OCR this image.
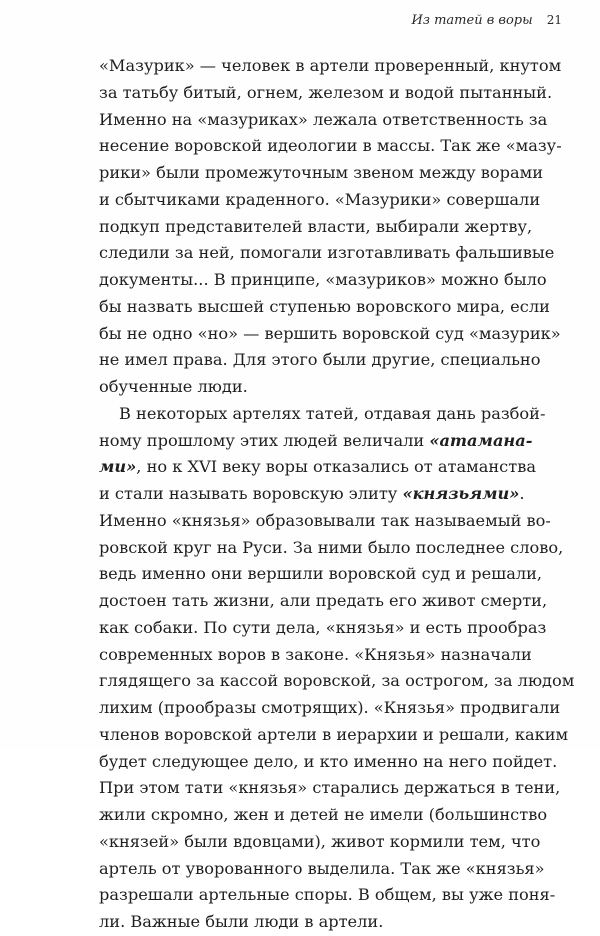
Из татей в воры 21
«Мазурик» — человек в артели проверенный, кнутом
за татьбу битый, огнем, железом и водой пытанный.
Именно на «мазуриках» лежала ответственность за
несение воровской идеологии в массы. Так же «мазу-
рики» были промежуточным звеном между ворами
и сбытчиками краденного. «Мазурики» совершали
подкуп представителей власти, выбирали жертву,
следили за ней, помогали изготавливать фальшивые
документы... В принципе, «мазуриков» можно было
бы назвать высшей ступенью воровского мира, если
бы не одно «но» — вершить воровской суд «мазурик»
не имел права. Для этого были другие, специально
обученные люди.
В некоторых артелях татей, отдавая дань разбой-
ному прошлому этих людей величали «атамана-
ми», но к XVI веку воры отказались от атаманства
и стали называть воровскую элиту «князьями».
Именно «князья» образовывали так называемый во-
ровской круг на Руси. За ними было последнее слово,
ведь именно они вершили воровской суд и решали,
достоен тать жизни, али предать его живот смерти,
как собаки. По сути дела, «князья» и есть прообраз
современных воров в законе. «Князья» назначали
глядящего за кассой воровской, за острогом, за людом
лихим (прообразы смотрящих). «Князья» продвигали
членов воровской артели в иерархии и решали, каким
будет следующее дело, и кто именно на него пойдет.
При этом тати «князья» старались держаться в тени,
жили скромно, жен и детей не имели (большинство
«князей» были вдовцами), живот кормили тем, что
артель от уворованного выделила. Так же «князья»
разрешали артельные споры. В общем, вы уже поня-
ли. Важные были люди в артели.
